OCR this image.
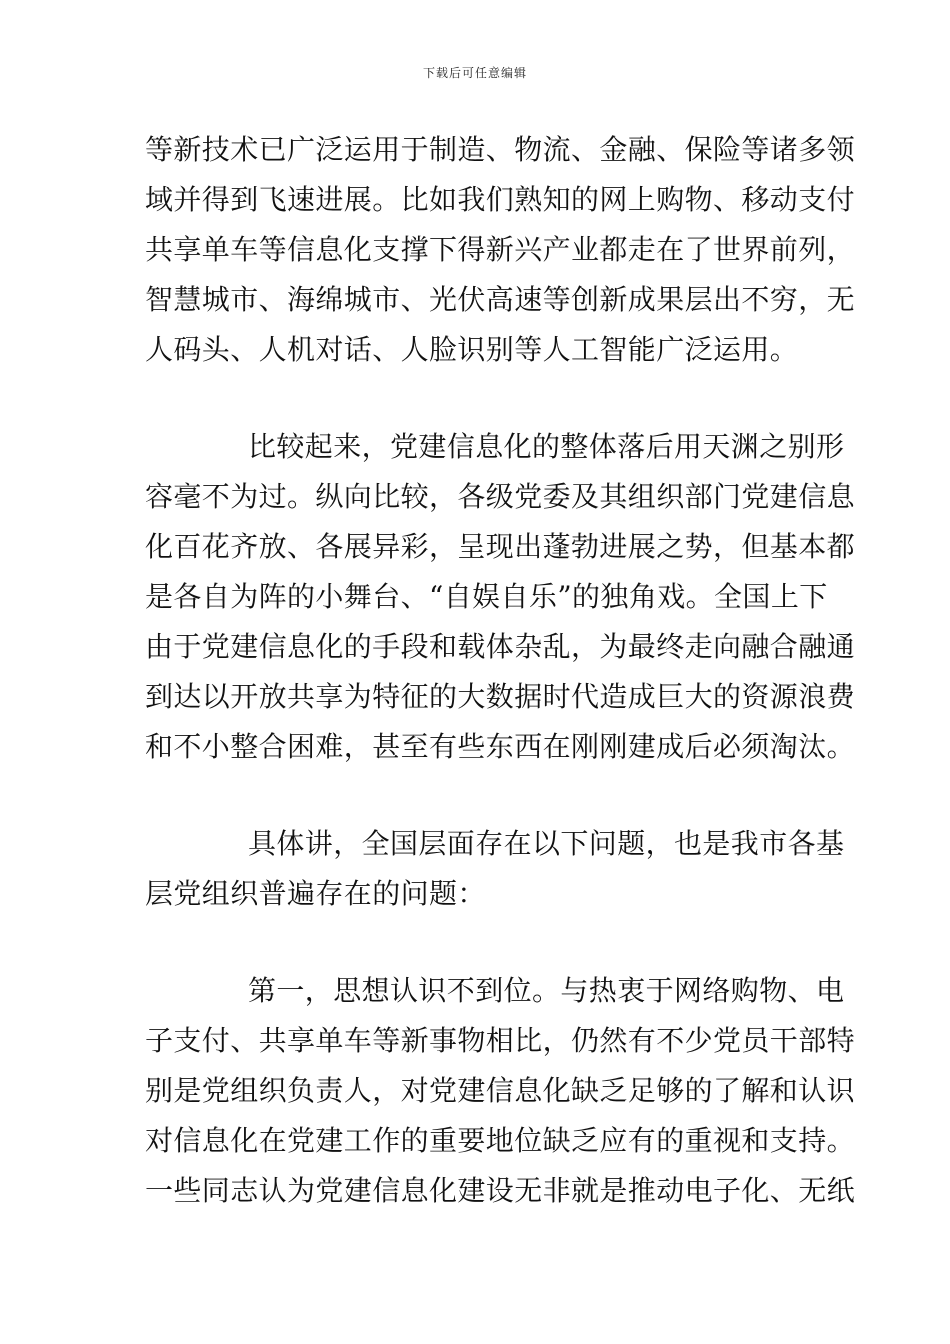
下载后可任意编辑
等新技术已广泛运用于制造、物流、金融、保险等诸多领
域并得到飞速进展。比如我们熟知的网上购物、移动支付
共享单车等信息化支撑下得新兴产业都走在了世界前列，
智慧城市、海绵城市、光伏高速等创新成果层出不穷，无
人码头、人机对话、人脸识别等人工智能广泛运用。
比较起来，党建信息化的整体落后用天渊之别形
容毫不为过。纵向比较，各级党委及其组织部门党建信息
化百花齐放、各展异彩，呈现出蓬勃进展之势，但基本都
是各自为阵的小舞台、“自娱自乐”的独角戏。全国上下
由于党建信息化的手段和载体杂乱，为最终走向融合融通
到达以开放共享为特征的大数据时代造成巨大的资源浪费
和不小整合困难，甚至有些东西在刚刚建成后必须淘汰。
具体讲，全国层面存在以下问题，也是我市各基
层党组织普遍存在的问题：
第一，思想认识不到位。与热衷于网络购物、电
子支付、共享单车等新事物相比，仍然有不少党员干部特
别是党组织负责人，对党建信息化缺乏足够的了解和认识
对信息化在党建工作的重要地位缺乏应有的重视和支持。
一些同志认为党建信息化建设无非就是推动电子化、无纸
